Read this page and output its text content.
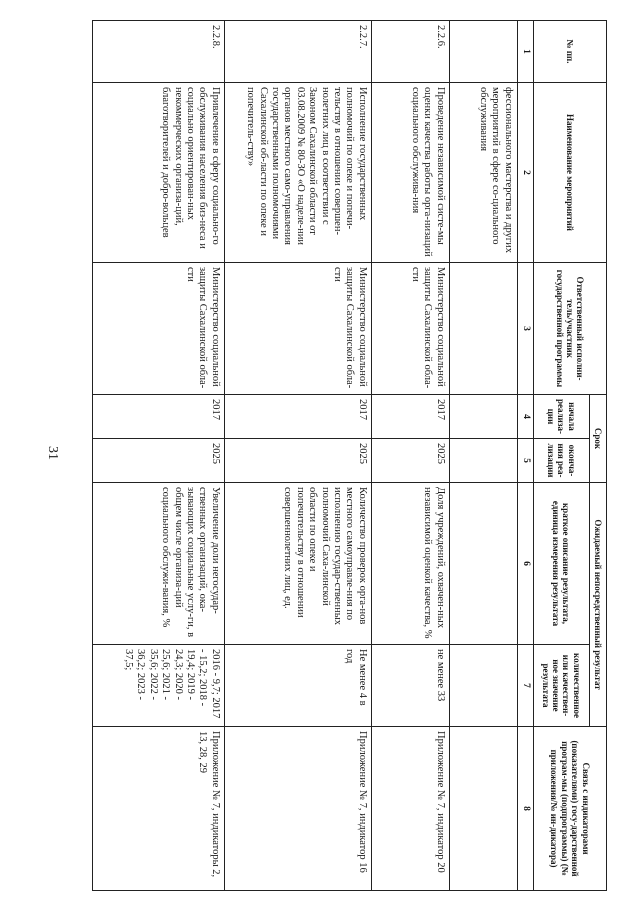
31
№ пп.	Наименование мероприятий	Ответственный исполни-тель/участник государственной программы	Срок		Ожидаемый непосредственный результат		Связь с индикаторами (показателями) госу-дарственной програм-мы (подпрограммы) (№ приложения/№ ин-дикатора)
			начала реализа-ции	оконча-ния реа-лизации	краткое описание результата, единица измерения результата	количественное или качествен-ное значение результата	
1	2	3	4	5	6	7	8
	фессионального мастерства и других мероприятий в сфере со-циального обслуживания						
2.2.6.	Проведение независимой систе-мы оценки качества работы орга-низаций социального обслужива-ния	Министерство социальной защиты Сахалинской обла-сти	2017	2025	Доля учреждений, охвачен-ных независимой оценкой качества, %	не менее 33	Приложение № 7, индикатор 20
2.2.7.	Исполнение государственных полномочий по опеке и попечи-тельству в отношении совершен-нолетних лиц в соответствии с Законом Сахалинской области от 03.08.2009 № 80-ЗО «О наделе-нии органов местного само-управления государственными полномочиями Сахалинской об-ласти по опеке и попечитель-ству»	Министерство социальной защиты Сахалинской обла-сти	2017	2025	Количество проверок орга-нов местного самоуправле-ния по исполнению государ-ственных полномочий Саха-линской области по опеке и попечительству в отношении совершеннолетних лиц, ед.	Не менее 4 в год	Приложение № 7, индикатор 16
2.2.8.	Привлечение в сферу социально-го обслуживания населения биз-неса и социально ориентирован-ных некоммерческих организа-ций, благотворителей и добро-вольцев	Министерство социальной защиты Сахалинской обла-сти	2017	2025	Увеличение доли негосудар-ственных организаций, ока-зывающих социальные услу-ги, в общем числе организа-ций социального обслужи-вания, %	2016 - 9,7; 2017 - 15,2; 2018 - 19,4; 2019 - 24,3; 2020 - 25,6; 2021 - 35,6; 2022 - 36,2; 2023 - 37,5;	Приложение № 7, индикаторы 2, 13, 28, 29
